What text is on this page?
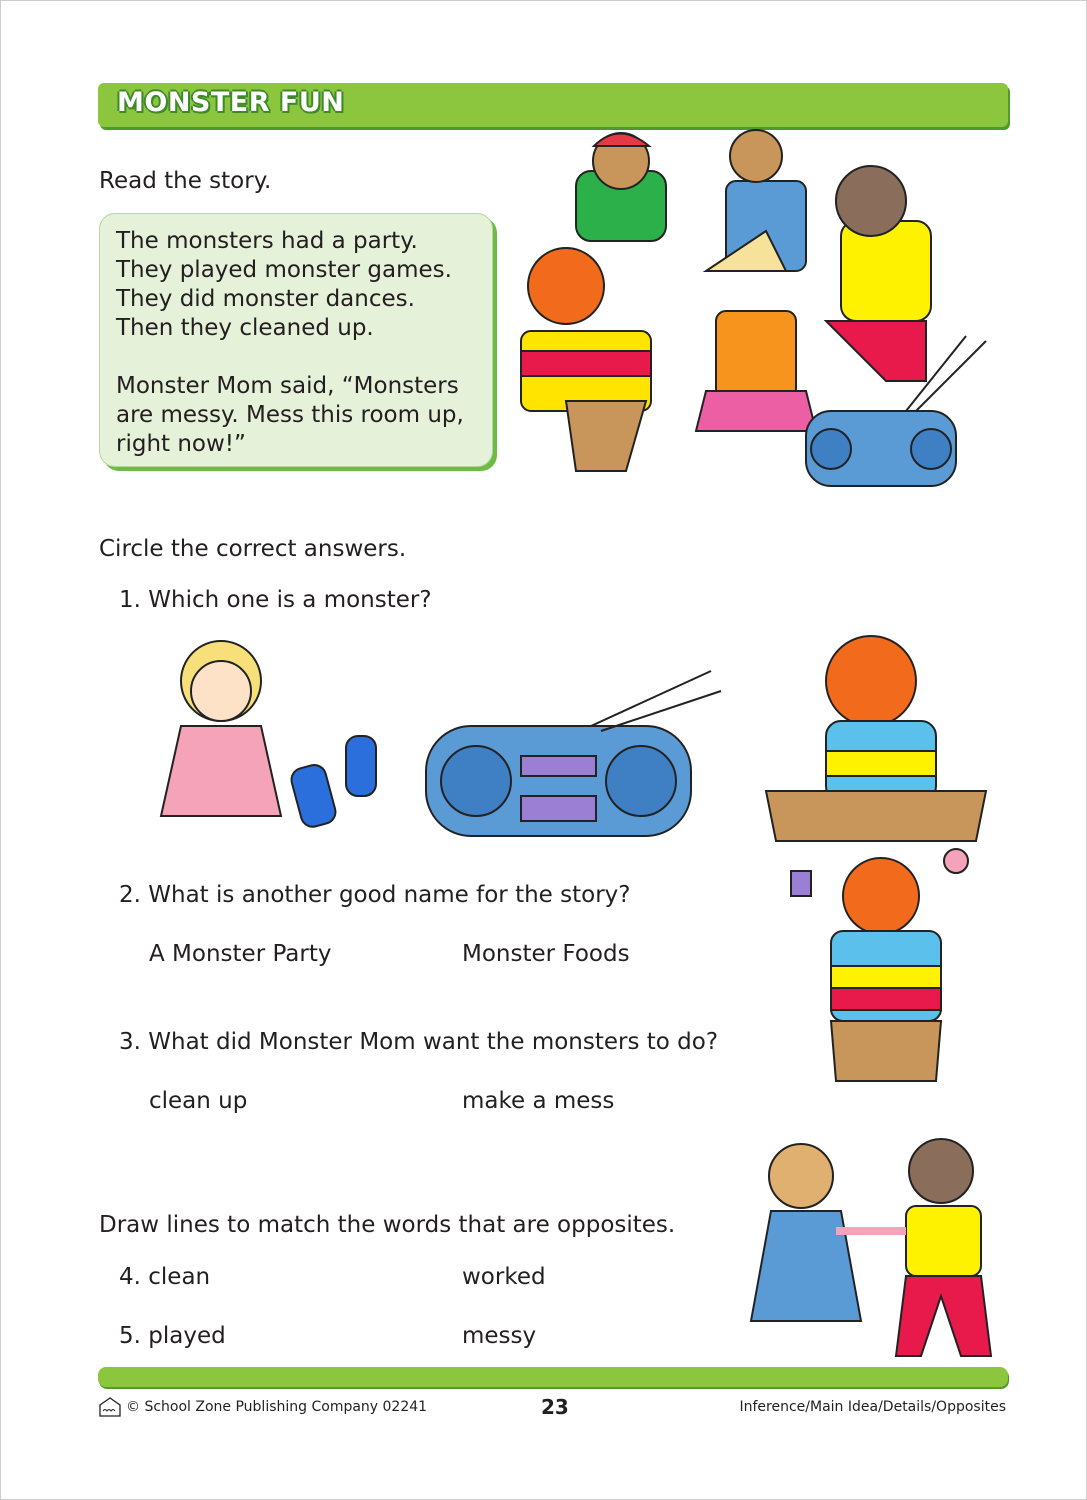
MONSTER FUN
Read the story.
The monsters had a party.
They played monster games.
They did monster dances.
Then they cleaned up.
Monster Mom said, “Monsters
are messy. Mess this room up,
right now!”
Circle the correct answers.
1. Which one is a monster?
2. What is another good name for the story?
A Monster Party	Monster Foods
3. What did Monster Mom want the monsters to do?
clean up	make a mess
Draw lines to match the words that are opposites.
4. clean	worked
5. played	messy
© School Zone Publishing Company 02241	23	Inference/Main Idea/Details/Opposites
